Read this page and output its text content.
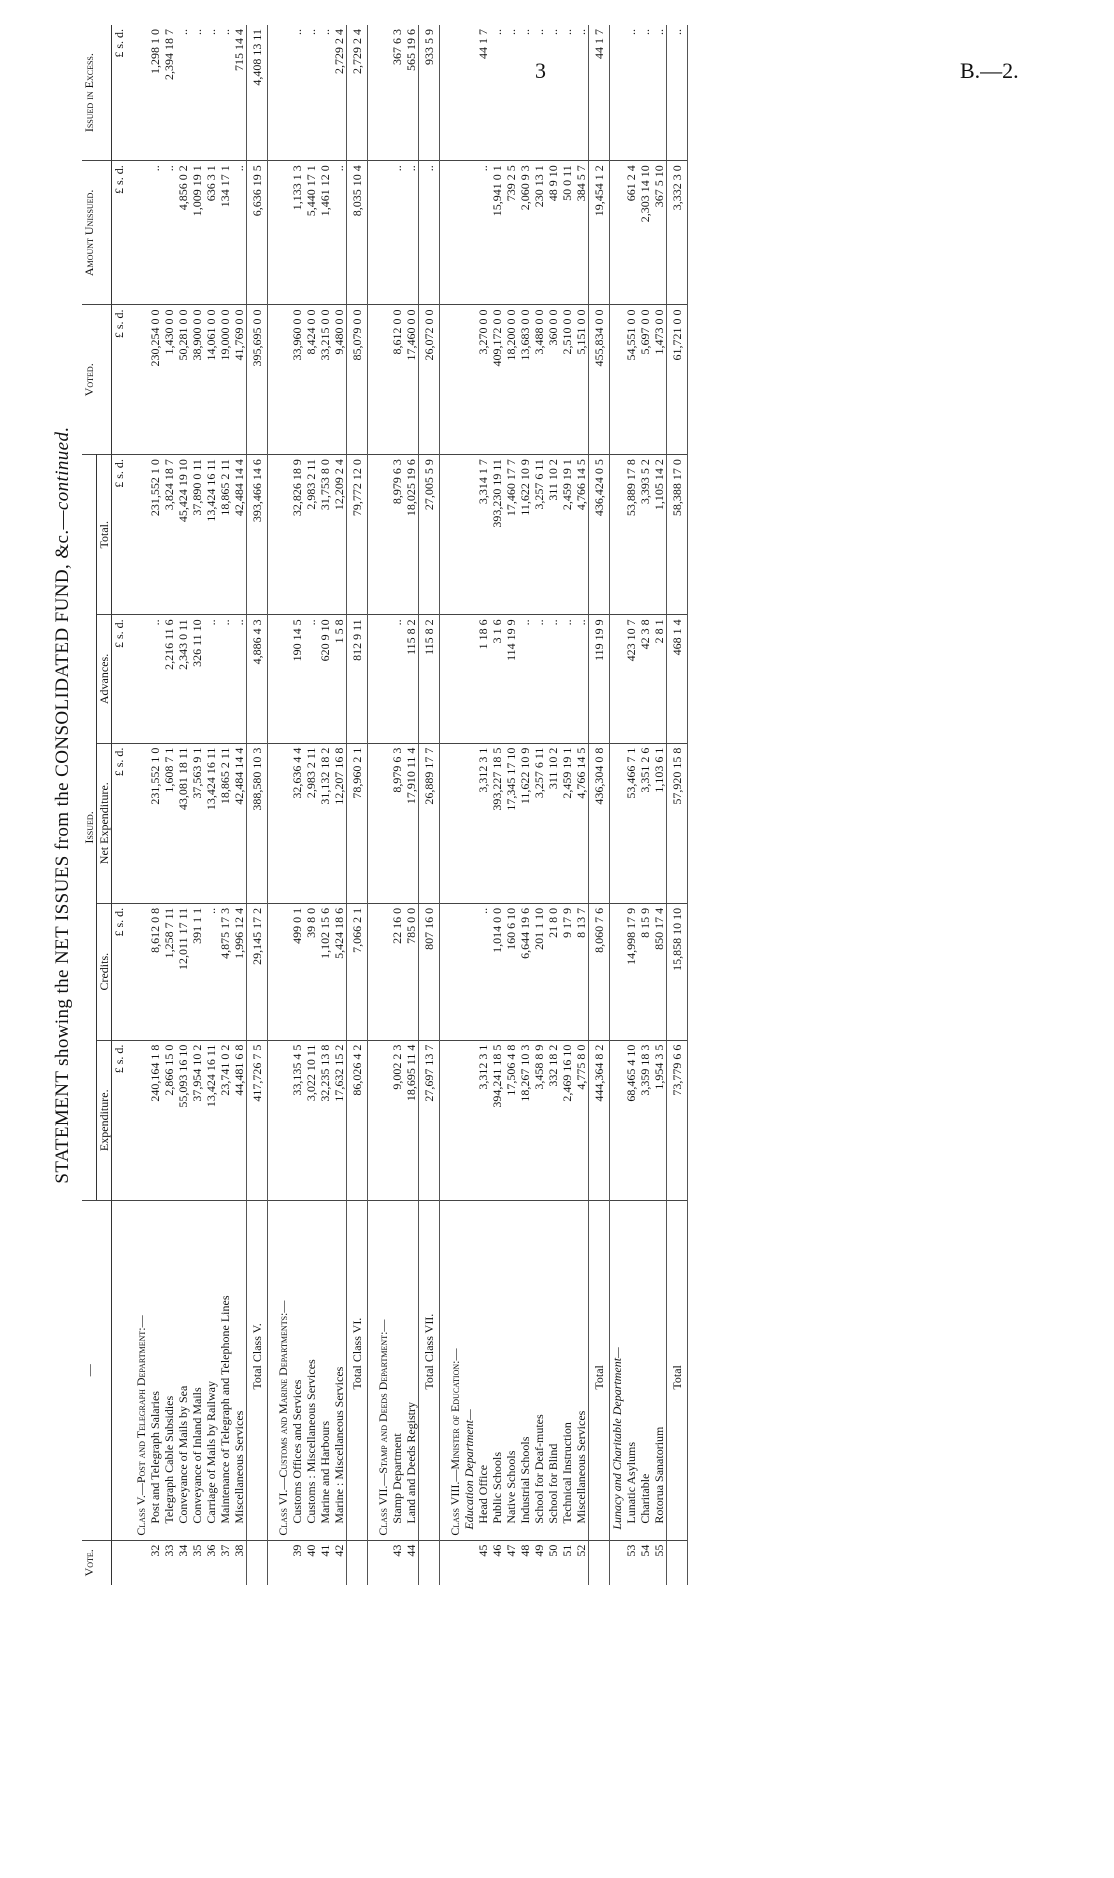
3	B.—2.
STATEMENT showing the NET ISSUES from the CONSOLIDATED FUND, &c.—continued.
Vote.	—	Issued.					Voted.	Amount Unissued.	Issued in Excess.
		Expenditure.	Credits.	Net Expenditure.	Advances.	Total.			
		£ s. d.	£ s. d.	£ s. d.	£ s. d.	£ s. d.	£ s. d.	£ s. d.	£ s. d.
	Class V.—Post and Telegraph Department:—								
32	Post and Telegraph Salaries	240,164 1 8	8,612 0 8	231,552 1 0	..	231,552 1 0	230,254 0 0	..	1,298 1 0
33	Telegraph Cable Subsidies	2,866 15 0	1,258 7 11	1,608 7 1	2,216 11 6	3,824 18 7	1,430 0 0	..	2,394 18 7
34	Conveyance of Mails by Sea	55,093 16 10	12,011 17 11	43,081 18 11	2,343 0 11	45,424 19 10	50,281 0 0	4,856 0 2	..
35	Conveyance of Inland Mails	37,954 10 2	391 1 1	37,563 9 1	326 11 10	37,890 0 11	38,900 0 0	1,009 19 1	..
36	Carriage of Mails by Railway	13,424 16 11	..	13,424 16 11	..	13,424 16 11	14,061 0 0	636 3 1	..
37	Maintenance of Telegraph and Telephone Lines	23,741 0 2	4,875 17 3	18,865 2 11	..	18,865 2 11	19,000 0 0	134 17 1	..
38	Miscellaneous Services	44,481 6 8	1,996 12 4	42,484 14 4	..	42,484 14 4	41,769 0 0	..	715 14 4
	Total Class V.	417,726 7 5	29,145 17 2	388,580 10 3	4,886 4 3	393,466 14 6	395,695 0 0	6,636 19 5	4,408 13 11
	Class VI.—Customs and Marine Departments:—								
39	Customs Offices and Services	33,135 4 5	499 0 1	32,636 4 4	190 14 5	32,826 18 9	33,960 0 0	1,133 1 3	..
40	Customs : Miscellaneous Services	3,022 10 11	39 8 0	2,983 2 11	..	2,983 2 11	8,424 0 0	5,440 17 1	..
41	Marine and Harbours	32,235 13 8	1,102 15 6	31,132 18 2	620 9 10	31,753 8 0	33,215 0 0	1,461 12 0	..
42	Marine : Miscellaneous Services	17,632 15 2	5,424 18 6	12,207 16 8	1 5 8	12,209 2 4	9,480 0 0	..	2,729 2 4
	Total Class VI.	86,026 4 2	7,066 2 1	78,960 2 1	812 9 11	79,772 12 0	85,079 0 0	8,035 10 4	2,729 2 4
	Class VII.—Stamp and Deeds Department:—								
43	Stamp Department	9,002 2 3	22 16 0	8,979 6 3	..	8,979 6 3	8,612 0 0	..	367 6 3
44	Land and Deeds Registry	18,695 11 4	785 0 0	17,910 11 4	115 8 2	18,025 19 6	17,460 0 0	..	565 19 6
	Total Class VII.	27,697 13 7	807 16 0	26,889 17 7	115 8 2	27,005 5 9	26,072 0 0	..	933 5 9
	Class VIII.—Minister of Education:—								
	Education Department—								
45	Head Office	3,312 3 1	..	3,312 3 1	1 18 6	3,314 1 7	3,270 0 0	..	44 1 7
46	Public Schools	394,241 18 5	1,014 0 0	393,227 18 5	3 1 6	393,230 19 11	409,172 0 0	15,941 0 1	..
47	Native Schools	17,506 4 8	160 6 10	17,345 17 10	114 19 9	17,460 17 7	18,200 0 0	739 2 5	..
48	Industrial Schools	18,267 10 3	6,644 19 6	11,622 10 9	..	11,622 10 9	13,683 0 0	2,060 9 3	..
49	School for Deaf-mutes	3,458 8 9	201 1 10	3,257 6 11	..	3,257 6 11	3,488 0 0	230 13 1	..
50	School for Blind	332 18 2	21 8 0	311 10 2	..	311 10 2	360 0 0	48 9 10	..
51	Technical Instruction	2,469 16 10	9 17 9	2,459 19 1	..	2,459 19 1	2,510 0 0	50 0 11	..
52	Miscellaneous Services	4,775 8 0	8 13 7	4,766 14 5	..	4,766 14 5	5,151 0 0	384 5 7	..
	Total	444,364 8 2	8,060 7 6	436,304 0 8	119 19 9	436,424 0 5	455,834 0 0	19,454 1 2	44 1 7
	Lunacy and Charitable Department—								
53	Lunatic Asylums	68,465 4 10	14,998 17 9	53,466 7 1	423 10 7	53,889 17 8	54,551 0 0	661 2 4	..
54	Charitable	3,359 18 3	8 15 9	3,351 2 6	42 3 8	3,393 5 2	5,697 0 0	2,303 14 10	..
55	Rotorua Sanatorium	1,954 3 5	850 17 4	1,103 6 1	2 8 1	1,105 14 2	1,473 0 0	367 5 10	..
	Total	73,779 6 6	15,858 10 10	57,920 15 8	468 1 4	58,388 17 0	61,721 0 0	3,332 3 0	..
